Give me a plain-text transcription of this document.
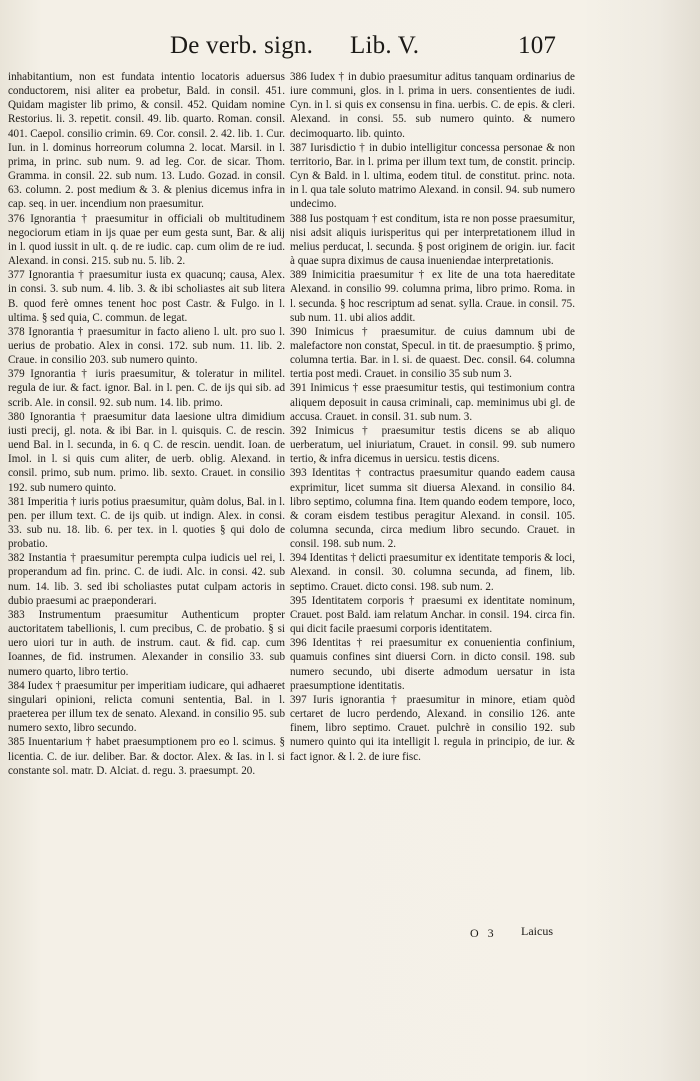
De verb. sign. Lib. V.	107

inhabitantium, non est fundata intentio locatoris aduersus conductorem, nisi aliter ea probetur, Bald. in consil. 451. Quidam magister lib primo, & consil. 452. Quidam nomine Restorius. li. 3. repetit. consil. 49. lib. quarto. Roman. consil. 401. Caepol. consilio crimin. 69. Cor. consil. 2. 42. lib. 1. Cur. Iun. in l. dominus horreorum columna 2. locat. Marsil. in l. prima, in princ. sub num. 9. ad leg. Cor. de sicar. Thom. Gramma. in consil. 22. sub num. 13. Ludo. Gozad. in consil. 63. column. 2. post medium & 3. & plenius dicemus infra in cap. seq. in uer. incendium non praesumitur.

376 Ignorantia † praesumitur in officiali ob multitudinem negociorum etiam in ijs quae per eum gesta sunt, Bar. & alij in l. quod iussit in ult. q. de re iudic. cap. cum olim de re iud. Alexand. in consi. 215. sub nu. 5. lib. 2.

377 Ignorantia † praesumitur iusta ex quacunq; causa, Alex. in consi. 3. sub num. 4. lib. 3. & ibi scholiastes ait sub litera B. quod ferè omnes tenent hoc post Castr. & Fulgo. in l. ultima. § sed quia, C. commun. de legat.

378 Ignorantia † praesumitur in facto alieno l. ult. pro suo l. uerius de probatio. Alex in consi. 172. sub num. 11. lib. 2. Craue. in consilio 203. sub numero quinto.

379 Ignorantia † iuris praesumitur, & toleratur in militel. regula de iur. & fact. ignor. Bal. in l. pen. C. de ijs qui sib. ad scrib. Ale. in consil. 92. sub num. 14. lib. primo.

380 Ignorantia † praesumitur data laesione ultra dimidium iusti precij, gl. nota. & ibi Bar. in l. quisquis. C. de rescin. uend Bal. in l. secunda, in 6. q C. de rescin. uendit. Ioan. de Imol. in l. si quis cum aliter, de uerb. oblig. Alexand. in consil. primo, sub num. primo. lib. sexto. Crauet. in consilio 192. sub numero quinto.

381 Imperitia † iuris potius praesumitur, quàm dolus, Bal. in l. pen. per illum text. C. de ijs quib. ut indign. Alex. in consi. 33. sub nu. 18. lib. 6. per tex. in l. quoties § qui dolo de probatio.

382 Instantia † praesumitur perempta culpa iudicis uel rei, l. properandum ad fin. princ. C. de iudi. Alc. in consi. 42. sub num. 14. lib. 3. sed ibi scholiastes putat culpam actoris in dubio praesumi ac praeponderari.

383 Instrumentum praesumitur Authenticum propter auctoritatem tabellionis, l. cum precibus, C. de probatio. § si uero uiori tur in auth. de instrum. caut. & fid. cap. cum Ioannes, de fid. instrumen. Alexander in consilio 33. sub numero quarto, libro tertio.

384 Iudex † praesumitur per imperitiam iudicare, qui adhaeret singulari opinioni, relicta comuni sententia, Bal. in l. praeterea per illum tex de senato. Alexand. in consilio 95. sub numero sexto, libro secundo.

385 Inuentarium † habet praesumptionem pro eo l. scimus. § licentia. C. de iur. deliber. Bar. & doctor. Alex. & Ias. in l. si constante sol. matr. D. Alciat. d. regu. 3. praesumpt. 20.

386 Iudex † in dubio praesumitur aditus tanquam ordinarius de iure communi, glos. in l. prima in uers. consentientes de iudi. Cyn. in l. si quis ex consensu in fina. uerbis. C. de epis. & cleri. Alexand. in consi. 55. sub numero quinto. & numero decimoquarto. lib. quinto.

387 Iurisdictio † in dubio intelligitur concessa personae & non territorio, Bar. in l. prima per illum text tum, de constit. princip. Cyn & Bald. in l. ultima, eodem titul. de constitut. princ. nota. in l. qua tale soluto matrimo Alexand. in consil. 94. sub numero undecimo.

388 Ius postquam † est conditum, ista re non posse praesumitur, nisi adsit aliquis iurisperitus qui per interpretationem illud in melius perducat, l. secunda. § post originem de origin. iur. facit à quae supra diximus de causa inueniendae interpretationis.

389 Inimicitia praesumitur † ex lite de una tota haereditate Alexand. in consilio 99. columna prima, libro primo. Roma. in l. secunda. § hoc rescriptum ad senat. sylla. Craue. in consil. 75. sub num. 11. ubi alios addit.

390 Inimicus † praesumitur. de cuius damnum ubi de malefactore non constat, Specul. in tit. de praesumptio. § primo, columna tertia. Bar. in l. si. de quaest. Dec. consil. 64. columna tertia post medi. Crauet. in consilio 35 sub num 3.

391 Inimicus † esse praesumitur testis, qui testimonium contra aliquem deposuit in causa criminali, cap. meminimus ubi gl. de accusa. Crauet. in consil. 31. sub num. 3.

392 Inimicus † praesumitur testis dicens se ab aliquo uerberatum, uel iniuriatum, Crauet. in consil. 99. sub numero tertio, & infra dicemus in uersicu. testis dicens.

393 Identitas † contractus praesumitur quando eadem causa exprimitur, licet summa sit diuersa Alexand. in consilio 84. libro septimo, columna fina. Item quando eodem tempore, loco, & coram eisdem testibus peragitur Alexand. in consil. 105. columna secunda, circa medium libro secundo. Crauet. in consil. 198. sub num. 2.

394 Identitas † delicti praesumitur ex identitate temporis & loci, Alexand. in consil. 30. columna secunda, ad finem, lib. septimo. Crauet. dicto consi. 198. sub num. 2.

395 Identitatem corporis † praesumi ex identitate nominum, Crauet. post Bald. iam relatum Anchar. in consil. 194. circa fin. qui dicit facile praesumi corporis identitatem.

396 Identitas † rei praesumitur ex conuenientia confinium, quamuis confines sint diuersi Corn. in dicto consil. 198. sub numero secundo, ubi diserte admodum uersatur in ista praesumptione identitatis.

397 Iuris ignorantia † praesumitur in minore, etiam quòd certaret de lucro perdendo, Alexand. in consilio 126. ante finem, libro septimo. Crauet. pulchrè in consilio 192. sub numero quinto qui ita intelligit l. regula in principio, de iur. & fact ignor. & l. 2. de iure fisc.

O 3 Laicus
